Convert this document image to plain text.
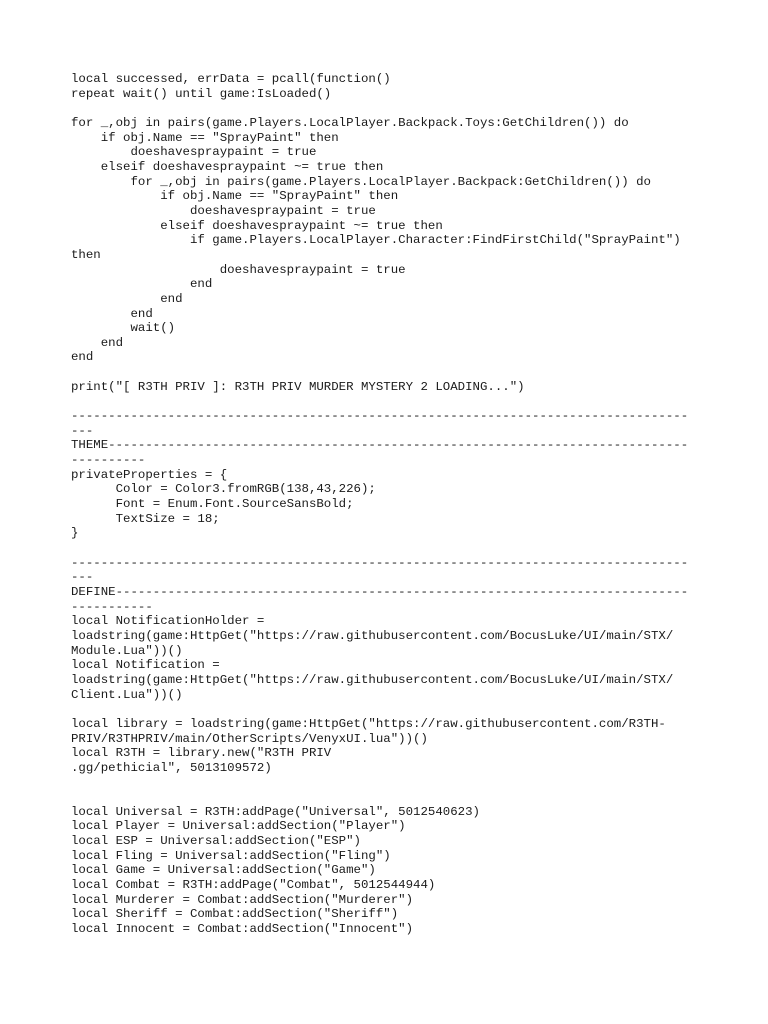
local successed, errData = pcall(function()
repeat wait() until game:IsLoaded()

for _,obj in pairs(game.Players.LocalPlayer.Backpack.Toys:GetChildren()) do
if obj.Name == "SprayPaint" then
doeshavespraypaint = true
elseif doeshavespraypaint ~= true then
for _,obj in pairs(game.Players.LocalPlayer.Backpack:GetChildren()) do
if obj.Name == "SprayPaint" then
doeshavespraypaint = true
elseif doeshavespraypaint ~= true then
if game.Players.LocalPlayer.Character:FindFirstChild("SprayPaint")
then
doeshavespraypaint = true
end
end
end
wait()
end
end

print("[ R3TH PRIV ]: R3TH PRIV MURDER MYSTERY 2 LOADING...")

-----------------------------------------------------------------------------------
---
THEME------------------------------------------------------------------------------
----------
privateProperties = {
Color = Color3.fromRGB(138,43,226);
Font = Enum.Font.SourceSansBold;
TextSize = 18;
}

-----------------------------------------------------------------------------------
---
DEFINE-----------------------------------------------------------------------------
-----------
local NotificationHolder =
loadstring(game:HttpGet("https://raw.githubusercontent.com/BocusLuke/UI/main/STX/
Module.Lua"))()
local Notification =
loadstring(game:HttpGet("https://raw.githubusercontent.com/BocusLuke/UI/main/STX/
Client.Lua"))()

local library = loadstring(game:HttpGet("https://raw.githubusercontent.com/R3TH-
PRIV/R3THPRIV/main/OtherScripts/VenyxUI.lua"))()
local R3TH = library.new("R3TH PRIV
.gg/pethicial", 5013109572)

local Universal = R3TH:addPage("Universal", 5012540623)
local Player = Universal:addSection("Player")
local ESP = Universal:addSection("ESP")
local Fling = Universal:addSection("Fling")
local Game = Universal:addSection("Game")
local Combat = R3TH:addPage("Combat", 5012544944)
local Murderer = Combat:addSection("Murderer")
local Sheriff = Combat:addSection("Sheriff")
local Innocent = Combat:addSection("Innocent")
